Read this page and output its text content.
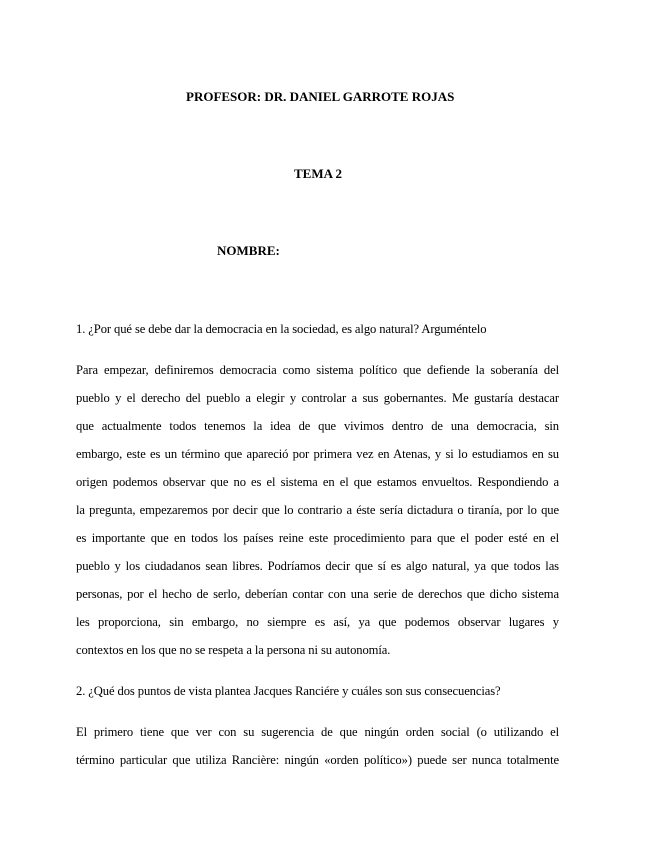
PROFESOR: DR. DANIEL GARROTE ROJAS
TEMA 2
NOMBRE:
1. ¿Por qué se debe dar la democracia en la sociedad, es algo natural? Arguméntelo
Para empezar, definiremos democracia como sistema político que defiende la soberanía del
pueblo y el derecho del pueblo a elegir y controlar a sus gobernantes. Me gustaría destacar
que actualmente todos tenemos la idea de que vivimos dentro de una democracia, sin
embargo, este es un término que apareció por primera vez en Atenas, y si lo estudiamos en su
origen podemos observar que no es el sistema en el que estamos envueltos. Respondiendo a
la pregunta, empezaremos por decir que lo contrario a éste sería dictadura o tiranía, por lo que
es importante que en todos los países reine este procedimiento para que el poder esté en el
pueblo y los ciudadanos sean libres. Podríamos decir que sí es algo natural, ya que todos las
personas, por el hecho de serlo, deberían contar con una serie de derechos que dicho sistema
les proporciona, sin embargo, no siempre es así, ya que podemos observar lugares y
contextos en los que no se respeta a la persona ni su autonomía.
2. ¿Qué dos puntos de vista plantea Jacques Ranciére y cuáles son sus consecuencias?
El primero tiene que ver con su sugerencia de que ningún orden social (o utilizando el
término particular que utiliza Rancière: ningún «orden político») puede ser nunca totalmente
